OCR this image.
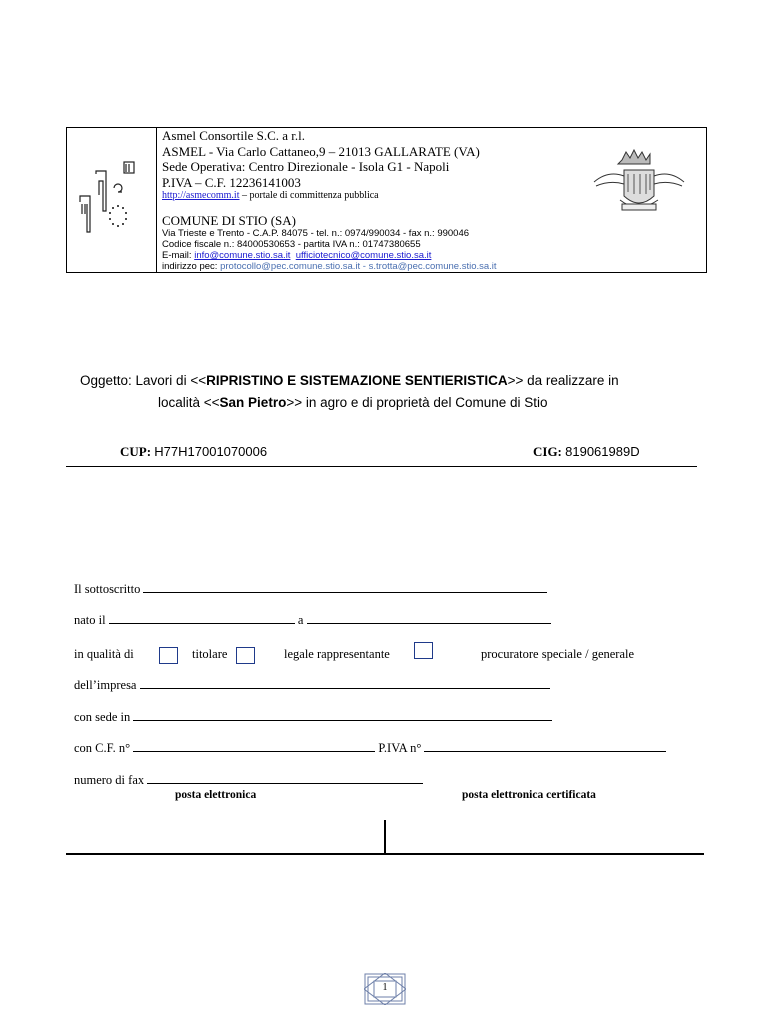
Asmel Consortile S.C. a r.l.
ASMEL - Via Carlo Cattaneo,9 – 21013 GALLARATE (VA)
Sede Operativa: Centro Direzionale - Isola G1 - Napoli
P.IVA – C.F. 12236141003
http://asmecomm.it – portale di committenza pubblica
COMUNE DI STIO (SA)
Via Trieste e Trento - C.A.P. 84075 - tel. n.: 0974/990034 - fax n.: 990046
Codice fiscale n.: 84000530653 - partita IVA n.: 01747380655
E-mail: info@comune.stio.sa.it ufficiotecnico@comune.stio.sa.it
indirizzo pec: protocollo@pec.comune.stio.sa.it - s.trotta@pec.comune.stio.sa.it
Oggetto: Lavori di <<RIPRISTINO E SISTEMAZIONE SENTIERISTICA>> da realizzare in
località <<San Pietro>> in agro e di proprietà del Comune di Stio
CUP: H77H17001070006	CIG: 819061989D
Il sottoscritto
nato il	a
in qualità di	titolare	legale rappresentante	procuratore speciale / generale
dell’impresa
con sede in
con C.F. n°	P.IVA n°
numero di fax
posta elettronica	posta elettronica certificata
1
